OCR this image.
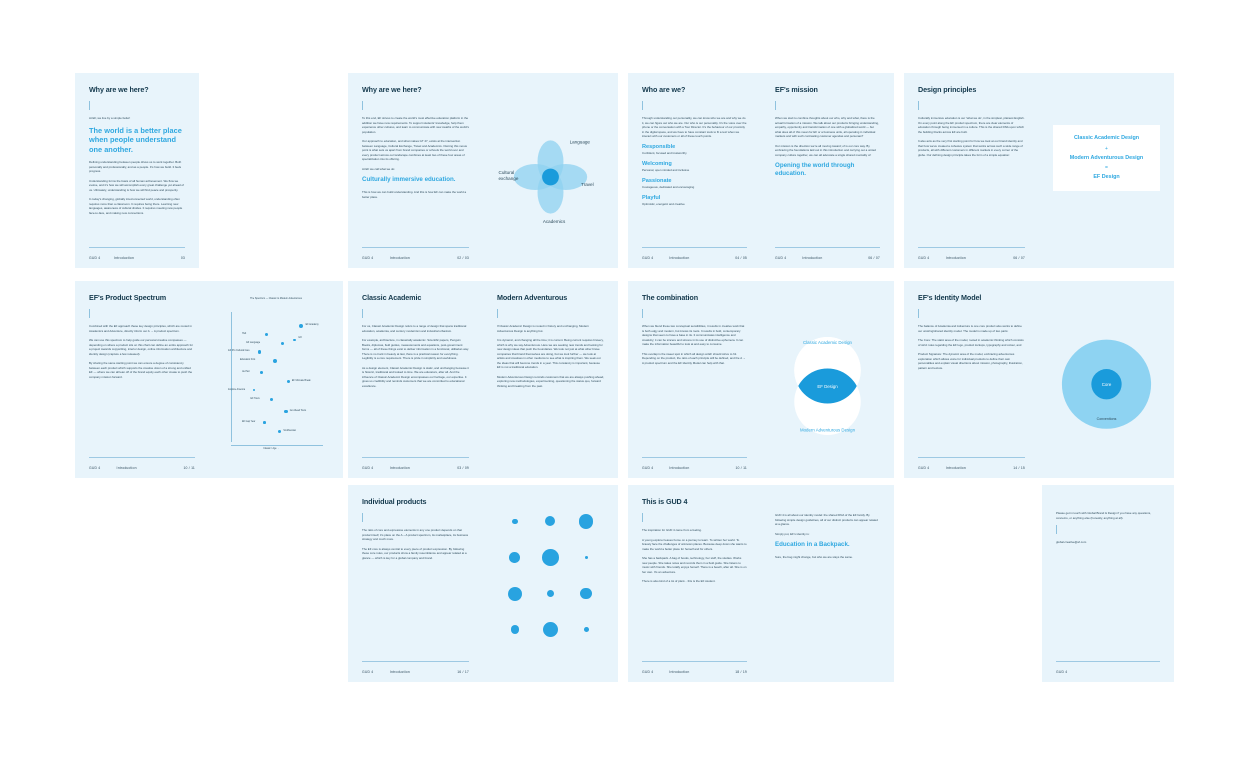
Why are we here?

At EF, we live by a simple belief:

The world is a better place when people understand one another.

Defining understanding between people drives us to work together. Both personally and professionally, and as a people. It's how we build. It feels progress.

Understanding forms the basis of all human achievement. We flow we evolve, and it's how we will accomplish every great challenge yet ahead of us. Ultimately, understanding is how we will find peace and prosperity.

In today's changing, globally interconnected world, understanding often requires more than a classroom. It requires being there. Learning new languages, awareness of cultural divides. It requires meeting new people face-to-face, and making new connections.

GUD 4	Introduction	03
Why are we here?

To this end, EF strives to create the world's most effective education platform in the addition we have new requirements. To support students' knowledge, help them experience other cultures, and learn to communicate with new swaths of the world's population.

Our approach to education, and what makes GT 27, exists at the intersection between Language, Cultural Exchange, Travel and Academics. Owning this nexus point is what sets us apart from brand companies or schools the world over and every product across our landscape combines at least two of these four areas of specialization into its offering.

At EF we call what we do:

Culturally immersive education.

This is how we can build understanding. And this is how EF can make the world a better place.

GUD 4	Introduction	02 / 03
Language
Travel
Academics
Cultural
exchange
Who are we?

Through understanding our personality, we can know who we are and why we do it, we can figure out who we are. Our who is our personality. It's the voice over the phone or the conversation with a Tour Director. It's the behaviour of our proximity in the digital space, and we have to have constant tools to fit a text when we interact with our customers or all of these touch points.

Responsible

Confident, focused and trustworthy

Welcoming

Personal, open minded and inclusive

Passionate

Courageous, dedicated and encouraging

Playful

Optimistic, energetic and creative

GUD 4	Introduction	04 / 05
EF's mission

When we start to combine thoughts about our who, why and what, there is the actual formation of a mission. We talk about our products bringing understanding, empathy, opportunity and transformation of one with a globalized world — but what does all of this mean for EF or a business units, all operating in individual markets and with such contrasting customer agendas and personas?

Our mission is the direction we're all moving toward; of is our core way. By embracing the foundations laid out in this introduction and carrying out a united company culture together, we can all advocate a single shared mentality of:

Opening the world through education.

GUD 4	Introduction	06 / 07
Design principles

Culturally immersive education is our 'what we do', in the simplest, plainest English. On every point along the EF product spectrum, there are clear elements of education through being immersed in a culture. This is the shared DNA upon which the building blocks across EF are built.

It also acts as the very first starting point for how we look at our brand identity and that how we've created a cohesive system that works across such a wide range of products, all with different customers in different markets in every corner of the globe. Our defining design principle takes the form of a simple equation:

GUD 4	Introduction	06 / 07

Classic Academic Design

+

Modern Adventurous Design

=

EF Design

EF's Product Spectrum

Combined with the EF approach these key design principles, which are rooted in Academics and Adventure, directly inform our A → A product spectrum.

We can use this spectrum to help guide our personal creative compasses — depending on where a product sits on this chart can define an entire approach for a project towards copywriting, interior design, online information architecture and identity design (capture a few released).

By sharing the same starting point we can ensure a degree of consistency between each product which supports the creative vision of a strong and unified EF — where we can all lean off of the brand equity each other create to push the company mission forward.

GUD 4	Introduction	10 / 11

The Spectrum — Classic to Modern Adventurous

EF Academy
Hult
EF Language
GO
EF Pro Cultural Care
Education First
Au Pair
EF Ultimate Break
Explore America
EF Tours
Go Ahead Tours
EF Gap Year
Smithsonian
Classic / Age →
Classic Academic

For us, Classic Academic Design refers to a range of design that spans traditional education, academia, and century modernism and industrial urbanism.

For example, architecture, in classically academic. Scientific papers, Penguin Books, diplomas, field guides, measurements and equations, post-government forms — all of these things exist to deliver information in a functional, utilitarian way. There is no truck in beauty at last, there is a practical reason for everything. Legibility is a core requirement. There is pride in simplicity and usefulness.

As a design element, Classic Academic Design is static, and unchanging because it is historic, traditional and looked to time. We are educators, after all. And the influence of Classic Academic Design encompasses our heritage, our expertise. It gives us credibility and reminds customers that we are committed to educational excellence.

GUD 4	Introduction	03 / 09
Modern Adventurous

If Classic Academic Design is rooted in history and unchanging, Modern Adventurous Design is anything but.

It is dynamic, and changing all the time; it is current. Being current requires bravery, which is why we say Adventurous. Here we are seeking new trends and looking for new design ideas that push the boundaries. We look not just at what other brave companies that brand themselves are doing, but we look further — we look at artists and creatives in other mediums to see what is inspiring them. We seek out the ideas that will become trends in a year. This constancy is important, because EF is not a traditional education.

Modern Adventurous Design reminds customers that we are always pushing ahead, exploring new methodologies, experimenting, questioning the status quo, forward thinking and breaking from the past.

The combination

When we blend these two conceptual sensibilities, it results in creative work that is both edgy and modern, but knows its roots. It results in bold, contemporary designs that seem to have a base in its. It communicates intelligence and creativity; it can be sincere and sincere in its use of distinctive ephemera. It can make the information beautiful to look at and easy to consume.

This overlap is the sweet spot in which all design at EF should strive to hit. Depending on the product, the ratio of each principle will be defined, and the A → A product spectrum and the EF Identity Model can help with that.

GUD 4	Introduction	10 / 11
Classic Academic Design
EF Design
Modern Adventurous Design
EF's Identity Model

The balance of Academia and Adventure is one core product also works to define our unstring/shared identity model. The model is made up of two parts:

The Core: The static area of the model, rooted in academic thinking which consists of strict rules regarding the EF logo, product lockups, typography and colour, and

Product Signature: The dynamic area of the model, embracing adventurous exploration which allows voice for individual products to define their own personalities and explain visual directions about mission, photography, illustration, pattern and texture.

GUD 4	Introduction	14 / 15
Core
Conventions
Individual products

The ratio of core and expressive elements in any one product depends on that product itself, it's place on the A→A product spectrum, its marketplace, its business strategy and much more.

The EF core is always central to every piece of product expression. By following these core rules, our products show a family resemblance and appear related at a glance — which is key for a global company and brand.

GUD 4	Introduction	16 / 17
This is GUD 4

The inspiration for GUD 4 came from a feeling.

A young explorer leaves home on a journey to learn. To written her world. To bravely face the challenges of unknown places. Because deep down she wants to make the world a better place for herself and for others.

She has a backpack. A bag of books, technology, her stuff, the studies. Works new people. She takes notes and records them in a field guide. She listens to music with friends. She totally enjoys herself. There is a beach, after all. She is on her own. It's an adventure.

There is also kind of a lot of plant... this is the EF student.

GUD 4	Introduction	18 / 19

GUD 4 is all about our identity model: the shared DNA of the EF family. By following simple design guidelines, all of our distinct products can appear related at a glance.

Simply put, EF's identity is:

Education in a Backpack.

Sure, the bag might change, but who we are stays the same.

Please get in touch with Global Brand & Design if you have any questions, concerns, or anything else (honestly, anything at all).

global.creative@ef.com

GUD 4
